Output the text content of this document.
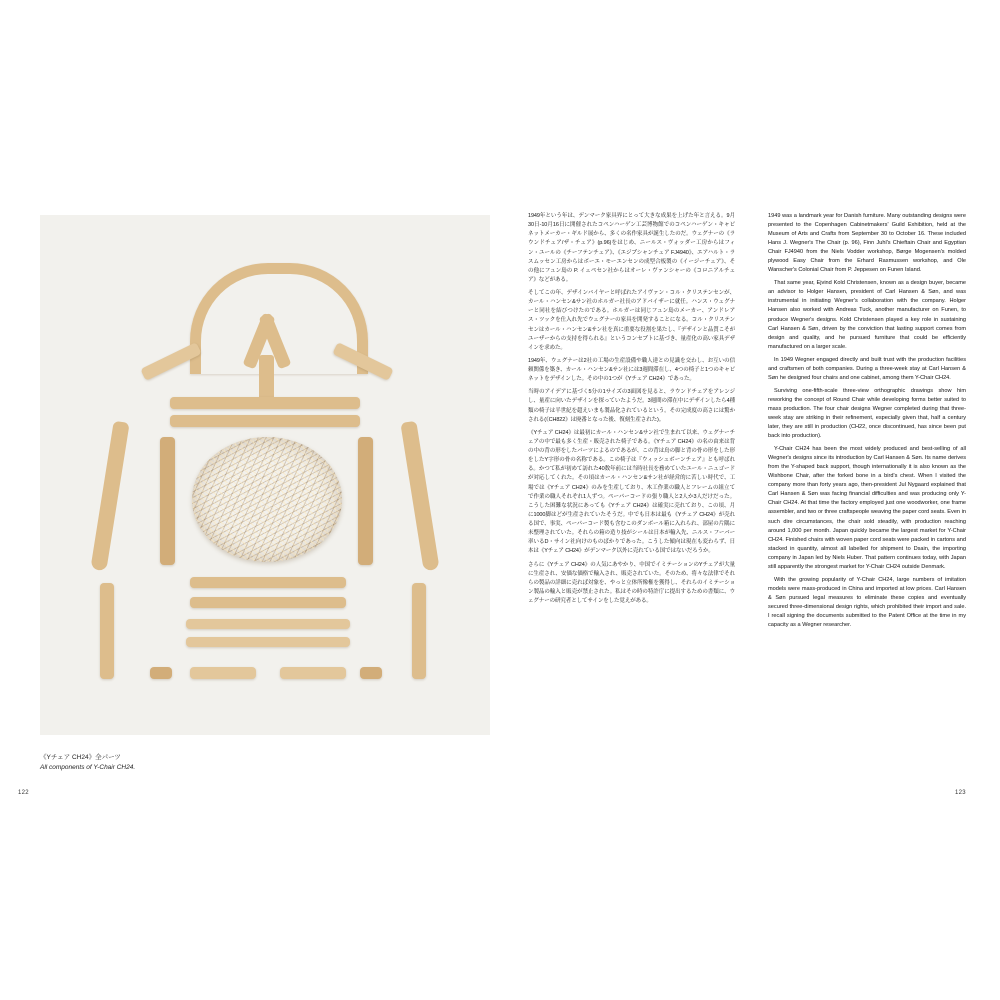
《Yチェア CH24》全パーツ
All components of Y-Chair CH24.
122

1949年という年は、デンマーク家具界にとって大きな成果を上げた年と言える。9月30日-10月16日に開催されたコペンハーゲン工芸博物館でのコペンハーゲン・キャビネットメーカー・ギルド展から、多くの名作家具が誕生したのだ。ウェグナーの《ラウンドチェア/ザ・チェア》(p.96)をはじめ、ニールス・ヴォッダー工房からはフィン・ユールの《チーフテンチェア》、《エジプシャンチェア FJ4940》、エアハルト・ラスムッセン工房からはボーエ・モーエンセンの成型合板製の《イージーチェア》、その他にフュン島の P. イェペセン社からはオーレ・ヴァンシャーの《コロニアルチェア》などがある。

そしてこの年、デザインバイヤーと呼ばれたアイヴァン・コル・クリステンセンが、カール・ハンセン&サン社のホルガー社長のアドバイザーに就任。ハンス・ウェグナーと同社を結びつけたのである。ホルガーは同じフュン島のメーカー、アンドレアス・ツックを仕入れ先でウェグナーの家具を開発することになる。コル・クリステンセンはカール・ハンセン&サン社を真に重要な役割を果たし、『デザインと品質こそがユーザーからの支持を得られる』というコンセプトに基づき、量産化の高い家具デザインを求めた。

1949年、ウェグナーは2社の工場の生産設備や職人達との見識を交わし、お互いの信頼関係を築き、カール・ハンセン&サン社には3週間滞在し、4つの椅子と1つのキャビネットをデザインした。その中の1つが《Yチェア CH24》であった。

当時のアイデアに基づく5分の1サイズの3面図を見ると、ラウンドチェアをアレンジし、量産に向いたデザインを探っていたようだ。3週間の滞在中にデザインしたら4種類の椅子は半世紀を超えいまも製品化されているという。その完成度の高さには驚かされる(《CH822》は廃番となった後、復刻生産された)。

《Yチェア CH24》は最初にカール・ハンセン&サン社で生まれて以来、ウェグナーチェアの中で最も多く生産・販売された椅子である。《Yチェア CH24》の名の由来は背の中の背の形をしたパーツによるのであるが、この背は鳥の脚と背の骨の形をした形をしたY字形の骨の名称である。この椅子は『ウィッシュボーンチェア』とも呼ばれる。かつて私が初めて訪れた40数年前には当時社長を務めていたユール・ニュゴードが対応してくれた。その頃はカール・ハンセン&サン社が経営的に苦しい時代で、工場では《Yチェア CH24》のみを生産しており、木工作業の職人とフレームの組立てで作業の職人それぞれ1人ずつ。ペーパーコードの張り職人と2人か3人だけだった。こうした困難な状況にあっても《Yチェア CH24》は確実に売れており、この頃、月に1000脚はどが生産されていたそうだ。中でも日本は最も《Yチェア CH24》が売れる国で、事実、ペーパーコード製も含むこのダンボール箱に入れられ、部屋の片隅に未整理されていた。それらの箱の造り技がシールは日本が輸入先、ニルス・フーバー率いるD・サイン社向けのものばかりであった。こうした傾向は現在も変わらず、日本は《Yチェア CH24》がデンマーク以外に売れている国ではないだろうか。

さらに《Yチェア CH24》の人気にあやかり、中国でイミテーションのYチェアが大量に生産され、安価な価格で輸入され、販売されていた。そのため、将々な法律でそれらの製品の詳細に売れば対象を、やっと立体所像権を獲得し、それらのイミテーション製品の輸入と販売が禁止された。私はその時の特許庁に提出するための書類に、ウェグナーの研究者としてサインをした覚えがある。

1949 was a landmark year for Danish furniture. Many outstanding designs were presented to the Copenhagen Cabinetmakers' Guild Exhibition, held at the Museum of Arts and Crafts from September 30 to October 16. These included Hans J. Wegner's The Chair (p. 96), Finn Juhl's Chieftain Chair and Egyptian Chair FJ4940 from the Niels Vodder workshop, Børge Mogensen's molded plywood Easy Chair from the Erhard Rasmussen workshop, and Ole Wanscher's Colonial Chair from P. Jeppesen on Funen Island.

That same year, Ejvind Kold Christensen, known as a design buyer, became an advisor to Holger Hansen, president of Carl Hansen & Søn, and was instrumental in initiating Wegner's collaboration with the company. Holger Hansen also worked with Andreas Tuck, another manufacturer on Funen, to produce Wegner's designs. Kold Christensen played a key role in sustaining Carl Hansen & Søn, driven by the conviction that lasting support comes from design and quality, and he pursued furniture that could be efficiently manufactured on a larger scale.

In 1949 Wegner engaged directly and built trust with the production facilities and craftsmen of both companies. During a three-week stay at Carl Hansen & Søn he designed four chairs and one cabinet, among them Y-Chair CH24.

Surviving one-fifth-scale three-view orthographic drawings show him reworking the concept of Round Chair while developing forms better suited to mass production. The four chair designs Wegner completed during that three-week stay are striking in their refinement, especially given that, half a century later, they are still in production (CH22, once discontinued, has since been put back into production).

Y-Chair CH24 has been the most widely produced and best-selling of all Wegner's designs since its introduction by Carl Hansen & Søn. Its name derives from the Y-shaped back support, though internationally it is also known as the Wishbone Chair, after the forked bone in a bird's chest. When I visited the company more than forty years ago, then-president Jul Nygaard explained that Carl Hansen & Søn was facing financial difficulties and was producing only Y-Chair CH24. At that time the factory employed just one woodworker, one frame assembler, and two or three craftspeople weaving the paper cord seats. Even in such dire circumstances, the chair sold steadily, with production reaching around 1,000 per month. Japan quickly became the largest market for Y-Chair CH24. Finished chairs with woven paper cord seats were packed in cartons and stacked in quantity, almost all labelled for shipment to Dsain, the importing company in Japan led by Niels Huber. That pattern continues today, with Japan still apparently the strongest market for Y-Chair CH24 outside Denmark.

With the growing popularity of Y-Chair CH24, large numbers of imitation models were mass-produced in China and imported at low prices. Carl Hansen & Søn pursued legal measures to eliminate these copies and eventually secured three-dimensional design rights, which prohibited their import and sale. I recall signing the documents submitted to the Patent Office at the time in my capacity as a Wegner researcher.

123
